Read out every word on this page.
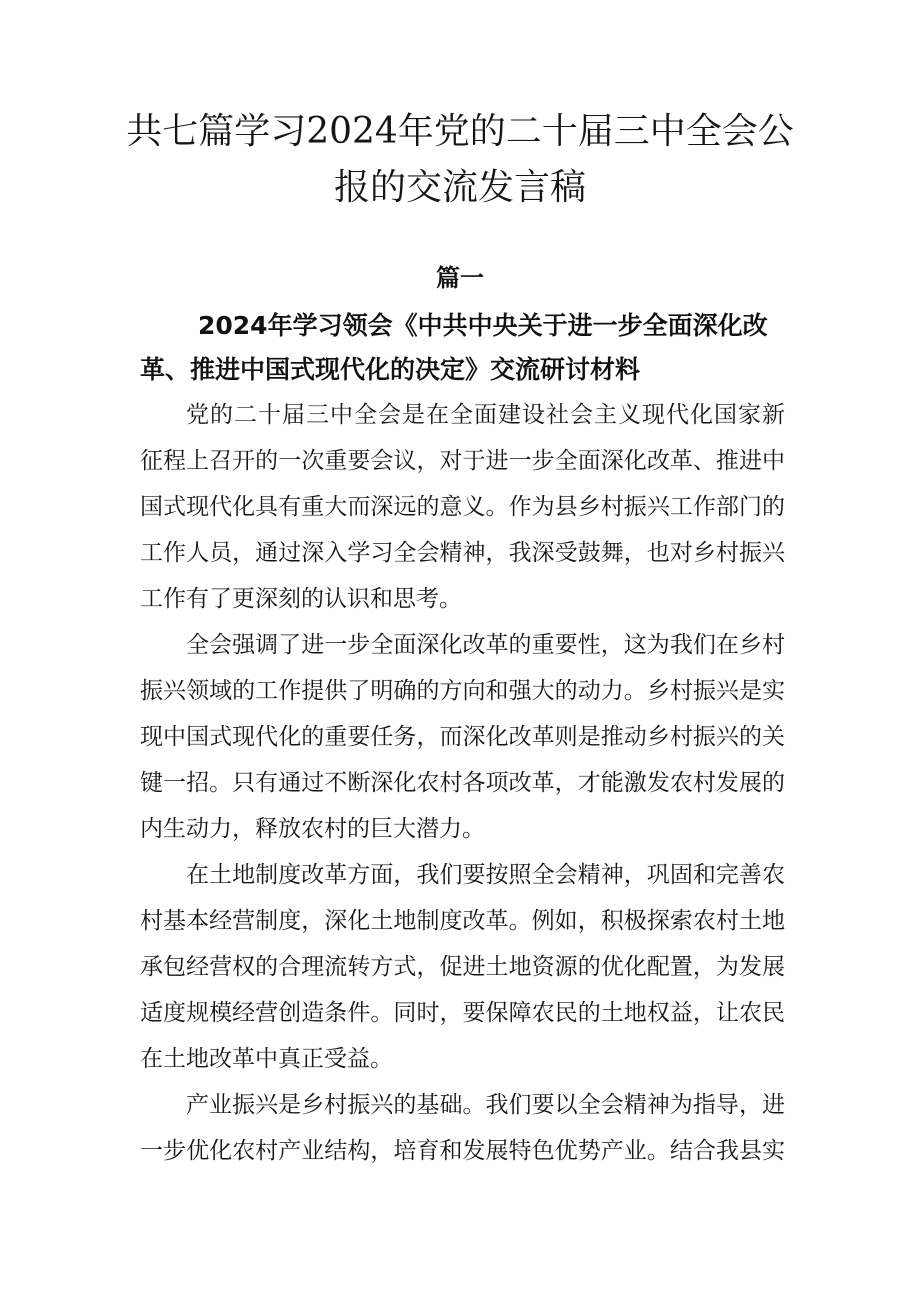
共七篇学习2024年党的二十届三中全会公
报的交流发言稿
篇一
2024年学习领会《中共中央关于进一步全面深化改
革、推进中国式现代化的决定》交流研讨材料
党的二十届三中全会是在全面建设社会主义现代化国家新
征程上召开的一次重要会议，对于进一步全面深化改革、推进中
国式现代化具有重大而深远的意义。作为县乡村振兴工作部门的
工作人员，通过深入学习全会精神，我深受鼓舞，也对乡村振兴
工作有了更深刻的认识和思考。
全会强调了进一步全面深化改革的重要性，这为我们在乡村
振兴领域的工作提供了明确的方向和强大的动力。乡村振兴是实
现中国式现代化的重要任务，而深化改革则是推动乡村振兴的关
键一招。只有通过不断深化农村各项改革，才能激发农村发展的
内生动力，释放农村的巨大潜力。
在土地制度改革方面，我们要按照全会精神，巩固和完善农
村基本经营制度，深化土地制度改革。例如，积极探索农村土地
承包经营权的合理流转方式，促进土地资源的优化配置，为发展
适度规模经营创造条件。同时，要保障农民的土地权益，让农民
在土地改革中真正受益。
产业振兴是乡村振兴的基础。我们要以全会精神为指导，进
一步优化农村产业结构，培育和发展特色优势产业。结合我县实
